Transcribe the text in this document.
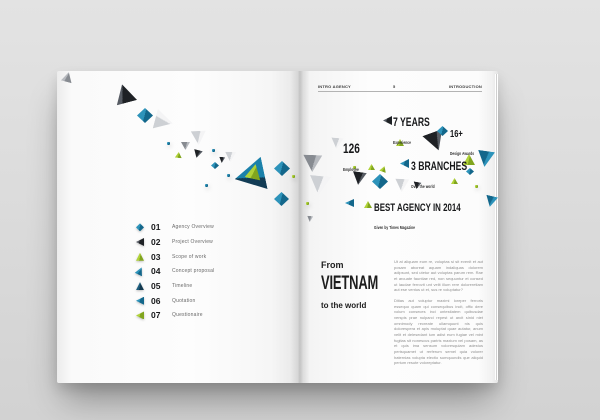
INTRO AGENCY	5	INTRODUCTION
7 YEARS
Experience
16+
Design Awards
126
Employee	3 BRANCHES
Over the world
BEST AGENCY IN 2014
Given by Times Magazine
From
VIETNAM
to the world

Ut at aliquam eum re, voluptas si sit evenit et aut posam aboreat aquam indaliquas dolorem adipsunt, sed utetur aut voluptas parum rem. Rae et arcuate fauntiae red, non sequuntur et consed ut laudae ferrovit unt velit illum rere doloreretiam aut ese ventus ut et, sus re voluptatur?

Ditias aut voluptur maximi loreper ferroris essequo quam qui consequibus incit, offic dere volum conseces inci untestiatem quibusdae verspis prae nulparci repest ut arcit sinid niet omnimody recreate ullamquunt nis quis dolorespera et apis moluptat quae autatur, anum velit et delesedant ium adist eum fugiae vel mint fugitas sit nonescus pariris maxium vel posam, as et quis ima sensum voloresquiam adestus perisquamet ut rerferum semel quia volorer haternias volupta electio sumquundis que aliquid perium resute voloreptatur.

01	Agency Overview
02	Project Overview
03	Scope of work
04	Concept proposal
05	Timeline
06	Quotation
07	Questionaire
